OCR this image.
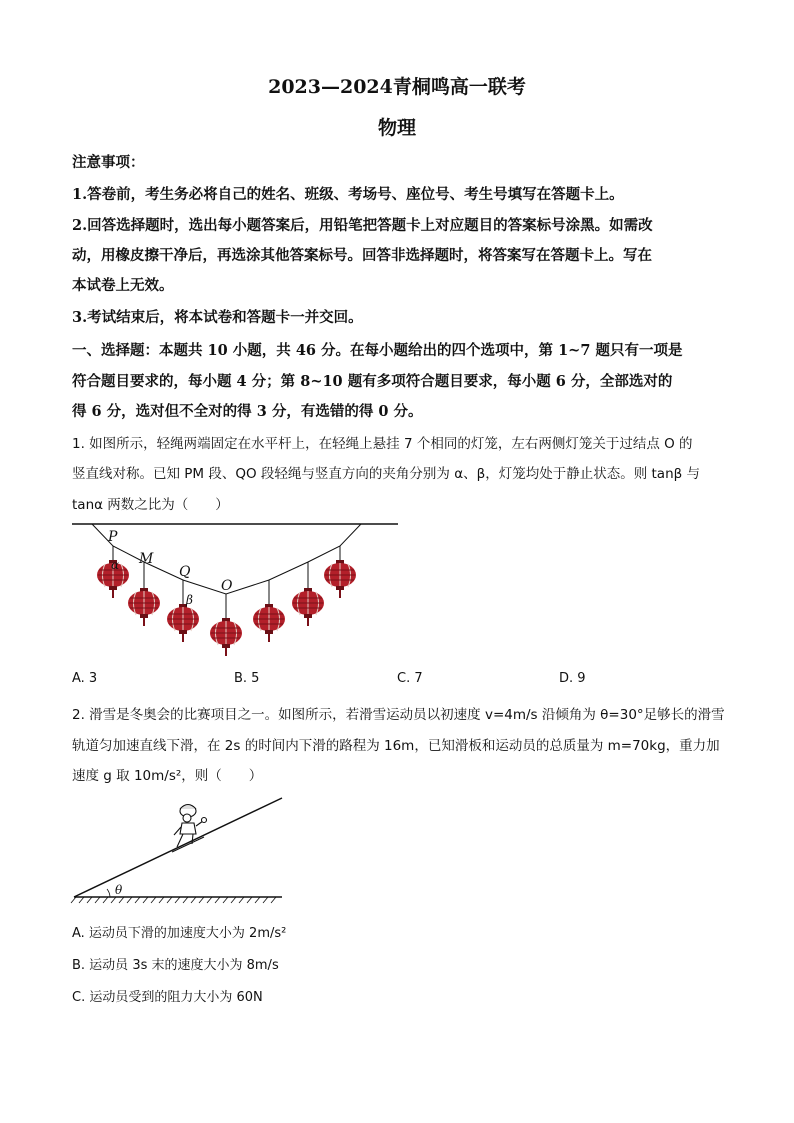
2023—2024青桐鸣高一联考
物理
注意事项：
1.答卷前，考生务必将自己的姓名、班级、考场号、座位号、考生号填写在答题卡上。
2.回答选择题时，选出每小题答案后，用铅笔把答题卡上对应题目的答案标号涂黑。如需改
动，用橡皮擦干净后，再选涂其他答案标号。回答非选择题时，将答案写在答题卡上。写在
本试卷上无效。
3.考试结束后，将本试卷和答题卡一并交回。
一、选择题：本题共 10 小题，共 46 分。在每小题给出的四个选项中，第 1~7 题只有一项是
符合题目要求的，每小题 4 分；第 8~10 题有多项符合题目要求，每小题 6 分，全部选对的
得 6 分，选对但不全对的得 3 分，有选错的得 0 分。
1. 如图所示，轻绳两端固定在水平杆上，在轻绳上悬挂 7 个相同的灯笼，左右两侧灯笼关于过结点 O 的
竖直线对称。已知 PM 段、QO 段轻绳与竖直方向的夹角分别为 α、β，灯笼均处于静止状态。则 tanβ 与
tanα 两数之比为（　　）
P
M
Q
O
α
β
A. 3	B. 5	C. 7	D. 9
2. 滑雪是冬奥会的比赛项目之一。如图所示，若滑雪运动员以初速度 v=4m/s 沿倾角为 θ=30°足够长的滑雪
轨道匀加速直线下滑，在 2s 的时间内下滑的路程为 16m，已知滑板和运动员的总质量为 m=70kg，重力加
速度 g 取 10m/s²，则（　　）
θ
A. 运动员下滑的加速度大小为 2m/s²
B. 运动员 3s 末的速度大小为 8m/s
C. 运动员受到的阻力大小为 60N
